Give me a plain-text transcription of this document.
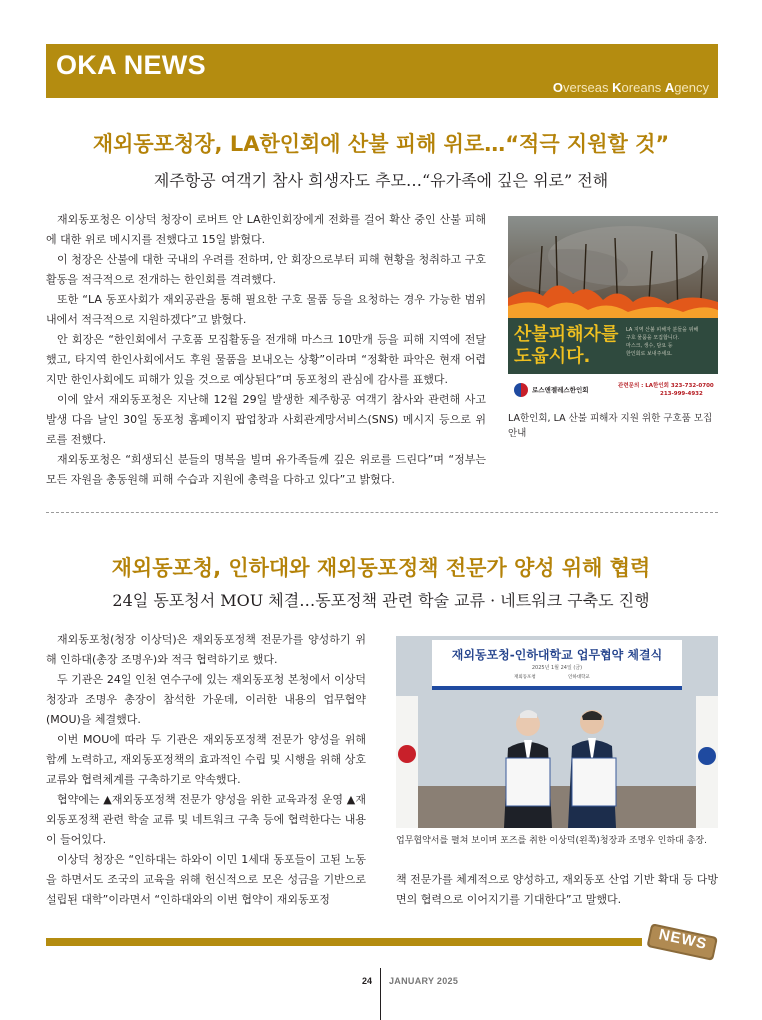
OKA NEWS
Overseas Koreans Agency
재외동포청장, LA한인회에 산불 피해 위로…“적극 지원할 것”
제주항공 여객기 참사 희생자도 추모…“유가족에 깊은 위로” 전해

재외동포청은 이상덕 청장이 로버트 안 LA한인회장에게 전화를 걸어 확산 중인 산불 피해에 대한 위로 메시지를 전했다고 15일 밝혔다.

이 청장은 산불에 대한 국내의 우려를 전하며, 안 회장으로부터 피해 현황을 청취하고 구호 활동을 적극적으로 전개하는 한인회를 격려했다.

또한 “LA 동포사회가 재외공관을 통해 필요한 구호 물품 등을 요청하는 경우 가능한 범위내에서 적극적으로 지원하겠다”고 밝혔다.

안 회장은 “한인회에서 구호품 모집활동을 전개해 마스크 10만개 등을 피해 지역에 전달했고, 타지역 한인사회에서도 후원 물품을 보내오는 상황”이라며 “정확한 파악은 현재 어렵지만 한인사회에도 피해가 있을 것으로 예상된다”며 동포청의 관심에 감사를 표했다.

이에 앞서 재외동포청은 지난해 12월 29일 발생한 제주항공 여객기 참사와 관련해 사고 발생 다음 날인 30일 동포청 홈페이지 팝업창과 사회관계망서비스(SNS) 메시지 등으로 위로를 전했다.

재외동포청은 “희생되신 분들의 명복을 빌며 유가족들께 깊은 위로를 드린다”며 “정부는 모든 자원을 총동원해 피해 수습과 지원에 총력을 다하고 있다”고 밝혔다.

산불피해자를
도웁시다.
LA 지역 산불 피해자 분들을 위해
구호 물품을 모집합니다.
마스크, 생수, 담요 등
한인회로 보내주세요.
로스앤젤레스한인회	관련문의 : LA한인회 323-732-0700
213-999-4932
LA한인회, LA 산불 피해자 지원 위한 구호품 모집 안내
재외동포청, 인하대와 재외동포정책 전문가 양성 위해 협력
24일 동포청서 MOU 체결…동포정책 관련 학술 교류 · 네트워크 구축도 진행

재외동포청(청장 이상덕)은 재외동포정책 전문가를 양성하기 위해 인하대(총장 조명우)와 적극 협력하기로 했다.

두 기관은 24일 인천 연수구에 있는 재외동포청 본청에서 이상덕 청장과 조명우 총장이 참석한 가운데, 이러한 내용의 업무협약(MOU)을 체결했다.

이번 MOU에 따라 두 기관은 재외동포정책 전문가 양성을 위해 함께 노력하고, 재외동포정책의 효과적인 수립 및 시행을 위해 상호 교류와 협력체계를 구축하기로 약속했다.

협약에는 ▲재외동포정책 전문가 양성을 위한 교육과정 운영 ▲재외동포정책 관련 학술 교류 및 네트워크 구축 등에 협력한다는 내용이 들어있다.

이상덕 청장은 “인하대는 하와이 이민 1세대 동포들이 고된 노동을 하면서도 조국의 교육을 위해 헌신적으로 모은 성금을 기반으로 설립된 대학”이라면서 “인하대와의 이번 협약이 재외동포정

재외동포청-인하대학교 업무협약 체결식
2025년 1월 24일 (금)
재외동포청	인하대학교
업무협약서를 펼쳐 보이며 포즈를 취한 이상덕(왼쪽)청장과 조명우 인하대 총장.

책 전문가를 체계적으로 양성하고, 재외동포 산업 기반 확대 등 다방면의 협력으로 이어지기를 기대한다”고 말했다.

NEWS
24 JANUARY 2025
